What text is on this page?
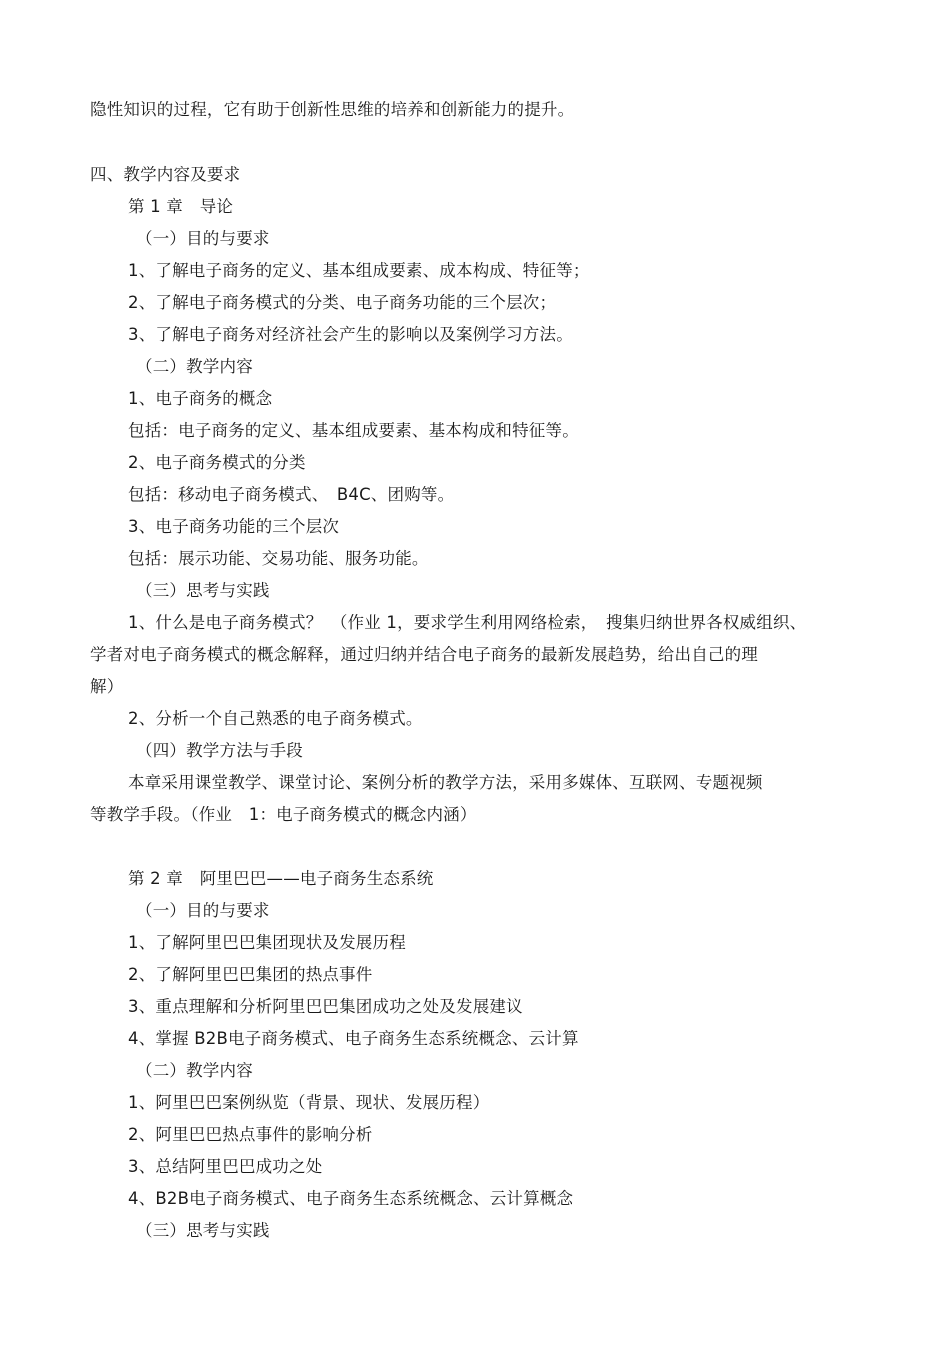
隐性知识的过程，它有助于创新性思维的培养和创新能力的提升。
四、教学内容及要求
第 1 章　导论
（一）目的与要求
1、了解电子商务的定义、基本组成要素、成本构成、特征等；
2、了解电子商务模式的分类、电子商务功能的三个层次；
3、了解电子商务对经济社会产生的影响以及案例学习方法。
（二）教学内容
1、电子商务的概念
包括：电子商务的定义、基本组成要素、基本构成和特征等。
2、电子商务模式的分类
包括：移动电子商务模式、　B4C、团购等。
3、电子商务功能的三个层次
包括：展示功能、交易功能、服务功能。
（三）思考与实践
1、什么是电子商务模式？　（作业 1，要求学生利用网络检索，　搜集归纳世界各权威组织、
学者对电子商务模式的概念解释，通过归纳并结合电子商务的最新发展趋势，给出自己的理
解）
2、分析一个自己熟悉的电子商务模式。
（四）教学方法与手段
本章采用课堂教学、课堂讨论、案例分析的教学方法，采用多媒体、互联网、专题视频
等教学手段。（作业　1：电子商务模式的概念内涵）
第 2 章　阿里巴巴——电子商务生态系统
（一）目的与要求
1、了解阿里巴巴集团现状及发展历程
2、了解阿里巴巴集团的热点事件
3、重点理解和分析阿里巴巴集团成功之处及发展建议
4、掌握 B2B电子商务模式、电子商务生态系统概念、云计算
（二）教学内容
1、阿里巴巴案例纵览（背景、现状、发展历程）
2、阿里巴巴热点事件的影响分析
3、总结阿里巴巴成功之处
4、B2B电子商务模式、电子商务生态系统概念、云计算概念
（三）思考与实践
